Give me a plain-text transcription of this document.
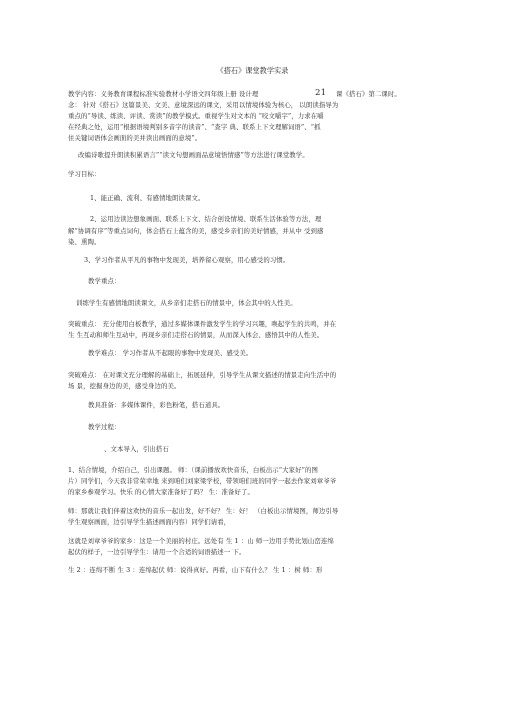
《搭石》课堂教学实录
教学内容：义务教育课程标准实验教材小学语文四年级上册 设计理	21 课《搭石》第二课时。
念： 针对《搭石》这篇景美、文美、意境深远的课文，采用以情境体验为核心， 以朗读指导为
重点的“导读、练读、评读、赏读”的教学模式。重视学生对文本的 “咬文嚼字”，力求在嚼
在经典之处，运用“根据语境判别多音字的读音”、“查字 典、联系上下文理解词语”、“抓
住关键词语体会画面的美并读出画面的意境”。
改编诗歌提升朗读积累语言”“读文句想画面品意境悟情感”等方法进行课堂教学。
学习目标：
1、能正确、流利、有感情地朗读课文。
2、运用边读边想象画面、联系上下文、结合创设情境、联系生活体验等方法，理
解“协调有序”等重点词句，体会搭石上蕴含的美，感受乡亲们的美好情感，并从中 受到感
染、熏陶。
3、学习作者从平凡的事物中发现美，培养留心观察，用心感受的习惯。
教学重点：
训练学生有感情地朗读课文，从乡亲们走搭石的情景中，体会其中的人性美。
突破重点： 充分使用白板教学，通过多媒体课件激发学生的学习兴趣，唤起学生的共鸣，并在
生 生互动和师生互动中，再现乡亲们走搭石的情景，从而深入体会、感悟其中的人性美。
教学难点： 学习作者从不起眼的事物中发现美、感受美。
突破难点： 在对课文充分理解的基础上，拓展延伸，引导学生从课文描述的情景走向生活中的
场 景，挖掘身边的美，感受身边的美。
教具准备：多媒体课件，彩色粉笔，搭石道具。
教学过程：
、文本导入，引出搭石
1、结合情境，介绍自己，引出课题。 师：（课前播放欢快音乐，白板出示“大家好”的图
片）同学们，今天我非常荣幸地 来到咱们刘家梁学校，带领咱们班的同学一起去作家刘章爷爷
的家乡参观学习。快乐 的心情大家准备好了吗？ 生：准备好了。
师：那就让我们伴着这欢快的音乐一起出发，好不好？ 生：好！ （白板出示情境图，师边引导
学生观察画面，边引导学生描述画面内容）同学们请看，
这就是刘章爷爷的家乡：这是一个美丽的村庄。远处有 生 1 ：山 师一边用手势比划山峦连绵
起伏的样子，一边引导学生：请用一个合适的词语描述一 下。
生 2 ：连绵不断 生 3 ：连绵起伏 师：说得真好。再看，山下有什么？ 生 1 ：树 师：形
